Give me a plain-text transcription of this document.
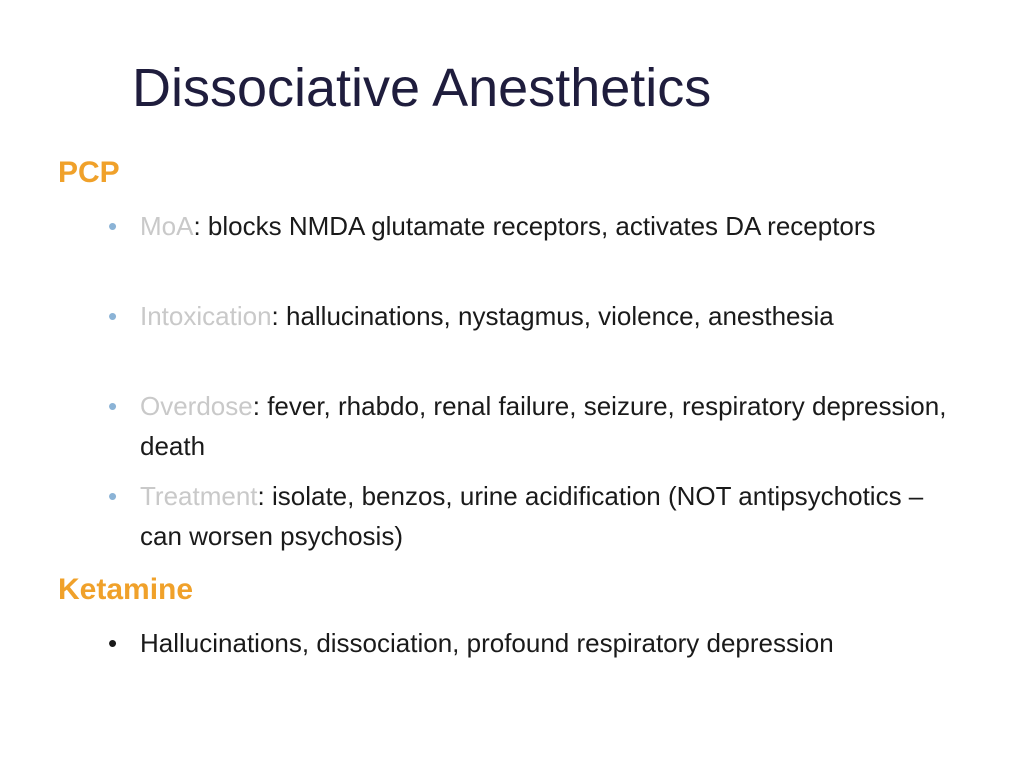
Dissociative Anesthetics
PCP
• MoA: blocks NMDA glutamate receptors, activates DA receptors
• Intoxication: hallucinations, nystagmus, violence, anesthesia
• Overdose: fever, rhabdo, renal failure, seizure, respiratory depression, death
• Treatment: isolate, benzos, urine acidification (NOT antipsychotics – can worsen psychosis)
Ketamine
• Hallucinations, dissociation, profound respiratory depression
